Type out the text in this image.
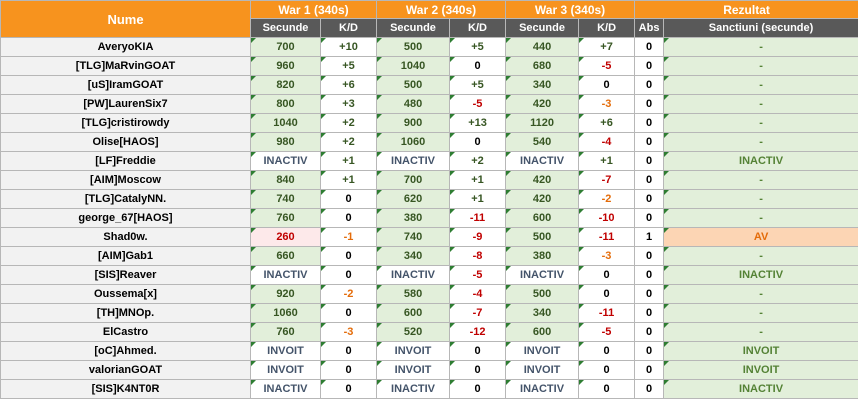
Nume	War 1 (340s)		War 2 (340s)		War 3 (340s)		Rezultat	
	Secunde	K/D	Secunde	K/D	Secunde	K/D	Abs	Sanctiuni (secunde)
AveryoKIA	700	+10	500	+5	440	+7	0	-
[TLG]MaRvinGOAT	960	+5	1040	0	680	-5	0	-
[uS]IramGOAT	820	+6	500	+5	340	0	0	-
[PW]LaurenSix7	800	+3	480	-5	420	-3	0	-
[TLG]cristirowdy	1040	+2	900	+13	1120	+6	0	-
Olise[HAOS]	980	+2	1060	0	540	-4	0	-
[LF]Freddie	INACTIV	+1	INACTIV	+2	INACTIV	+1	0	INACTIV
[AIM]Moscow	840	+1	700	+1	420	-7	0	-
[TLG]CatalyNN.	740	0	620	+1	420	-2	0	-
george_67[HAOS]	760	0	380	-11	600	-10	0	-
Shad0w.	260	-1	740	-9	500	-11	1	AV
[AIM]Gab1	660	0	340	-8	380	-3	0	-
[SIS]Reaver	INACTIV	0	INACTIV	-5	INACTIV	0	0	INACTIV
Oussema[x]	920	-2	580	-4	500	0	0	-
[TH]MNOp.	1060	0	600	-7	340	-11	0	-
ElCastro	760	-3	520	-12	600	-5	0	-
[oC]Ahmed.	INVOIT	0	INVOIT	0	INVOIT	0	0	INVOIT
valorianGOAT	INVOIT	0	INVOIT	0	INVOIT	0	0	INVOIT
[SIS]K4NT0R	INACTIV	0	INACTIV	0	INACTIV	0	0	INACTIV
